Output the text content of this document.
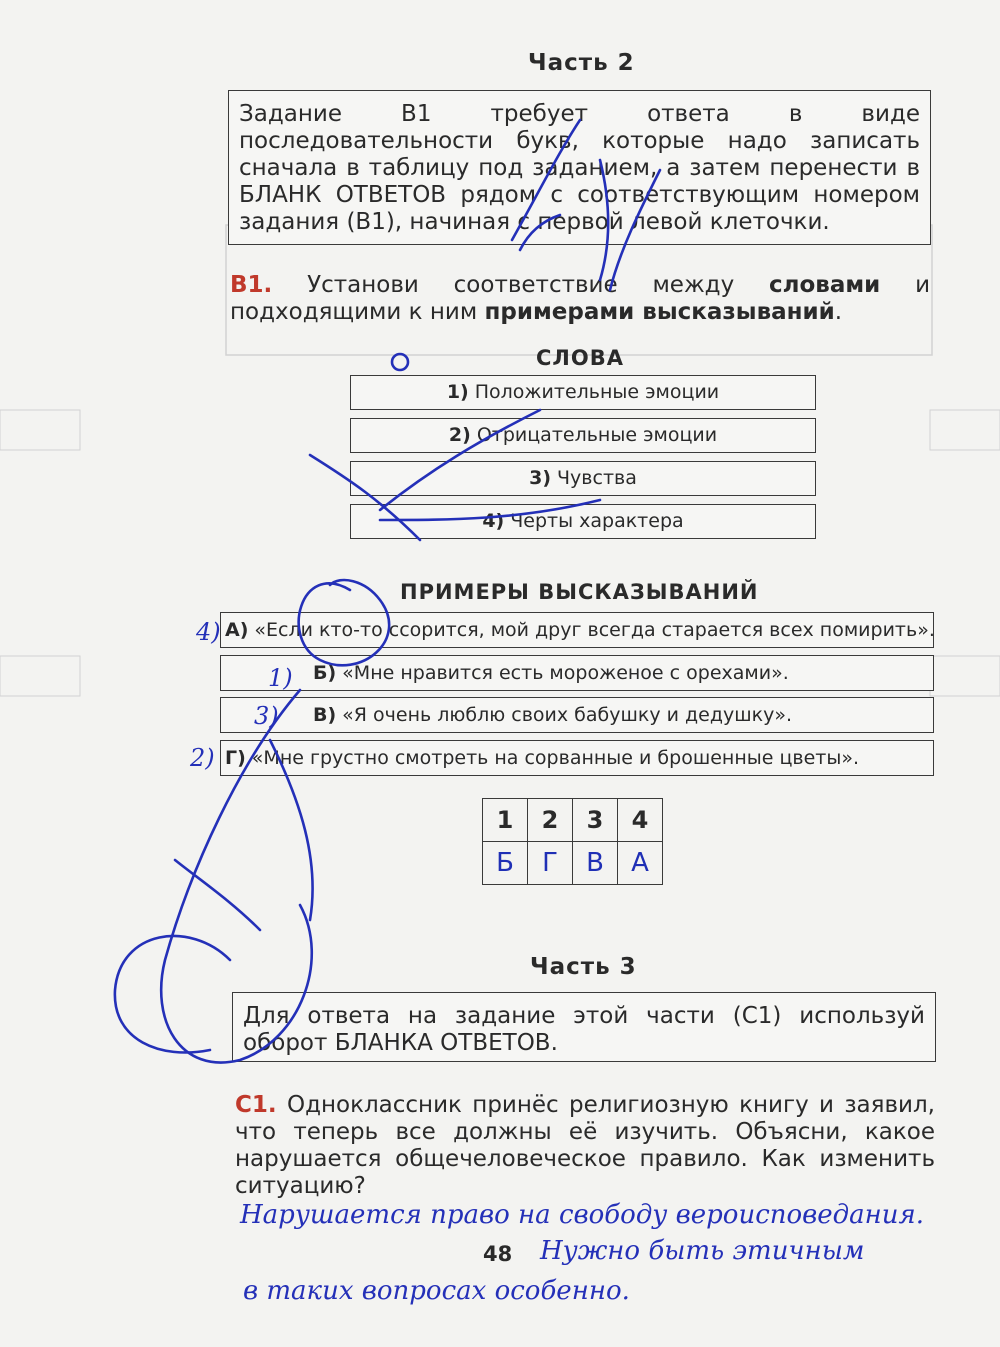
Часть 2
Задание В1 требует ответа в виде последовательности букв, которые надо записать сначала в таблицу под заданием, а затем перенести в БЛАНК ОТВЕТОВ рядом с соответствующим номером задания (В1), начиная с первой левой клеточки.
В1. Установи соответствие между словами и подходящими к ним примерами высказываний.
СЛОВА
1) Положительные эмоции
2) Отрицательные эмоции
3) Чувства
4) Черты характера
ПРИМЕРЫ ВЫСКАЗЫВАНИЙ
А) «Если кто-то ссорится, мой друг всегда старается всех помирить».
Б) «Мне нравится есть мороженое с орехами».
В) «Я очень люблю своих бабушку и дедушку».
Г) «Мне грустно смотреть на сорванные и брошенные цветы».
4)
1)
3)
2)
1	2	3	4
Б	Г	В	А
Часть 3
Для ответа на задание этой части (С1) используй оборот БЛАНКА ОТВЕТОВ.
С1. Одноклассник принёс религиозную книгу и заявил, что теперь все должны её изучить. Объясни, какое нарушается общечеловеческое правило. Как изменить ситуацию?
Нарушается право на свободу вероисповедания.
Нужно быть этичным
в таких вопросах особенно.
48
